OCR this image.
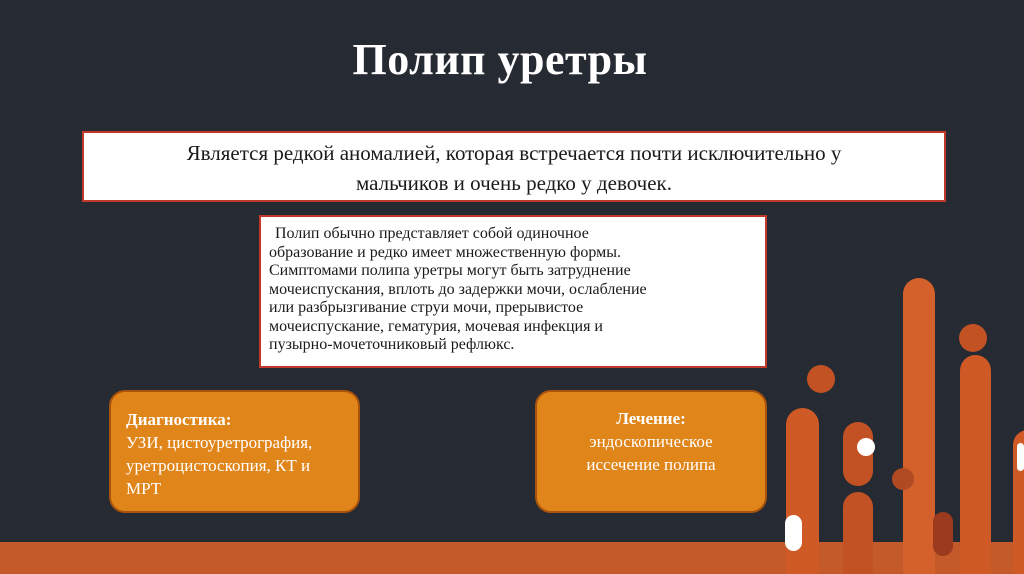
Полип уретры
Является редкой аномалией, которая встречается почти исключительно у
мальчиков и очень редко у девочек.
Полип обычно представляет собой одиночное
образование и редко имеет множественную формы.
Симптомами полипа уретры могут быть затруднение
мочеиспускания, вплоть до задержки мочи, ослабление
или разбрызгивание струи мочи, прерывистое
мочеиспускание, гематурия, мочевая инфекция и
пузырно-мочеточниковый рефлюкс.
Диагностика:
УЗИ, цистоуретрография,
уретроцистоскопия, КТ и
МРТ
Лечение:
эндоскопическое
иссечение полипа
